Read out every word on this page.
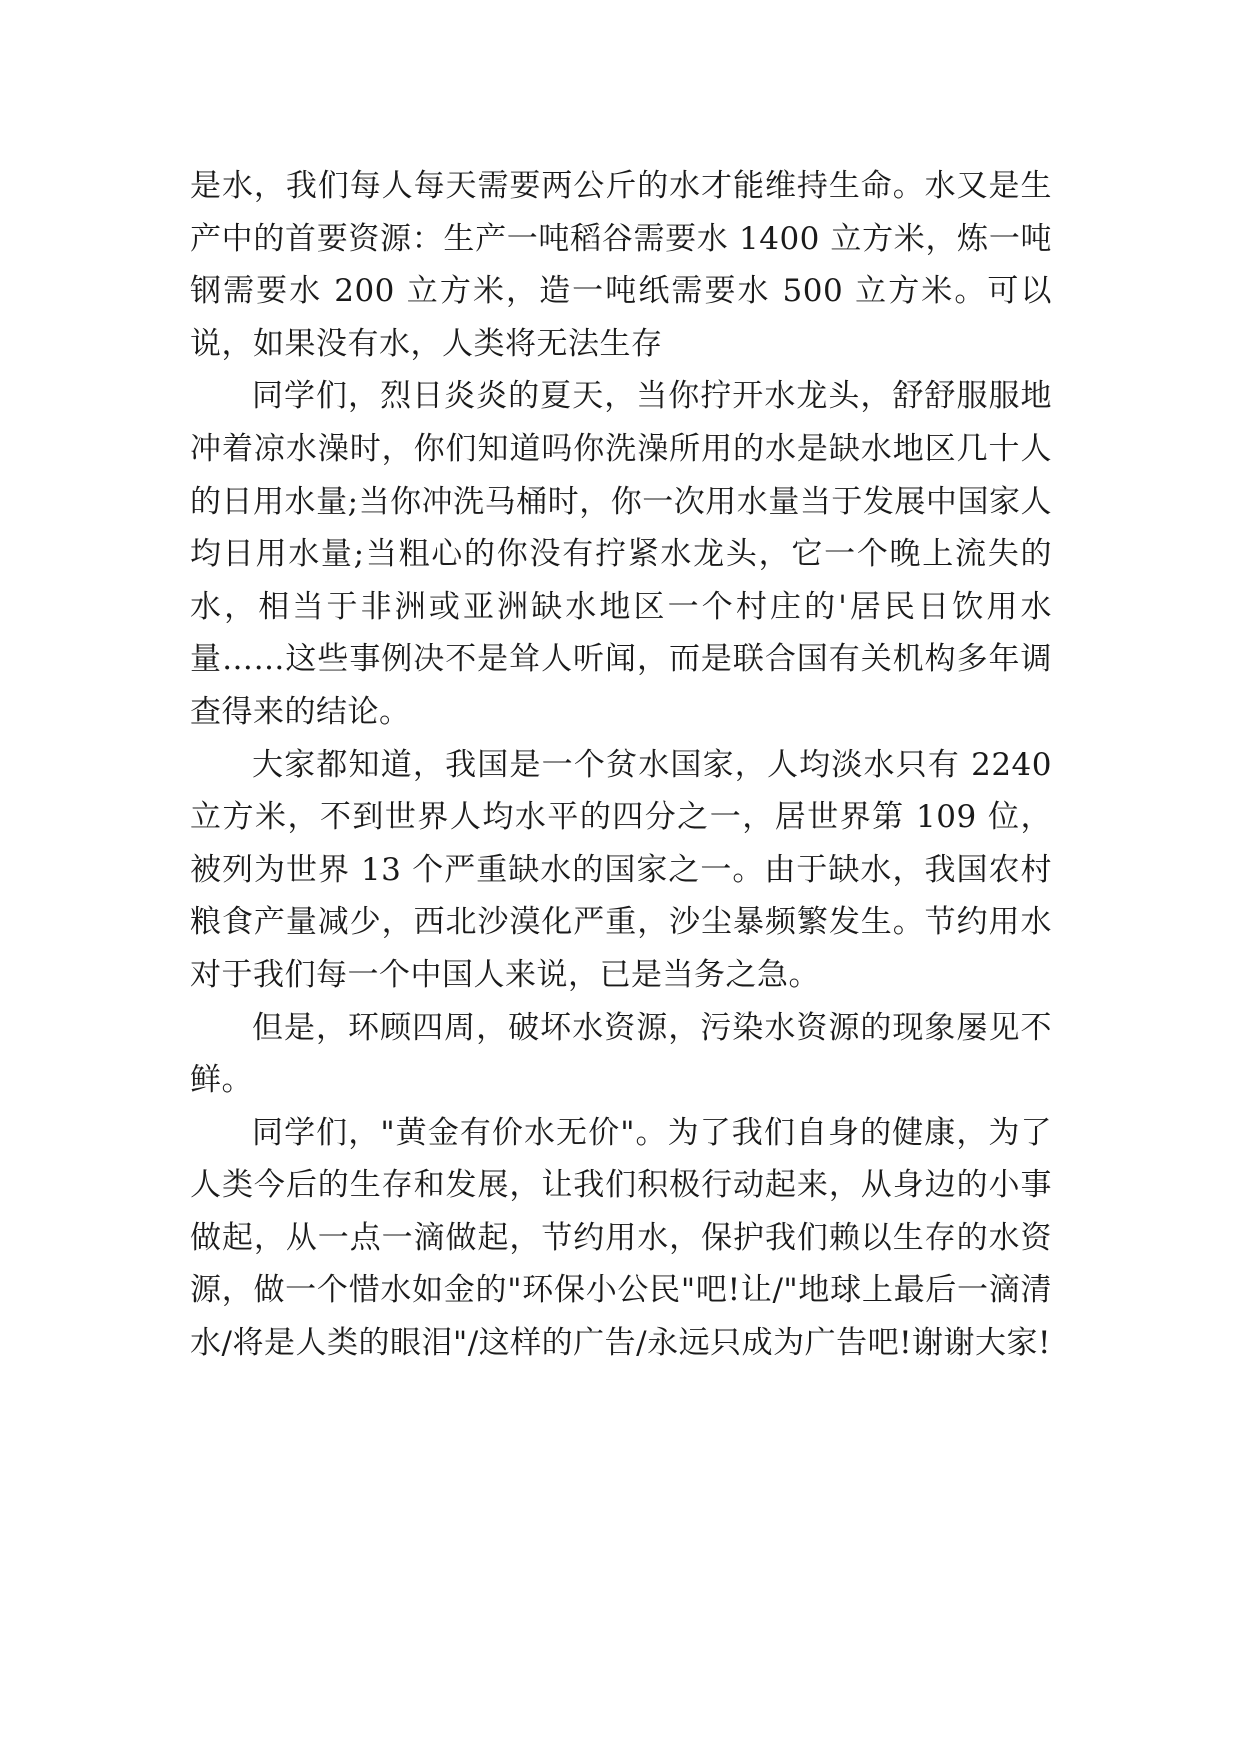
是水，我们每人每天需要两公斤的水才能维持生命。水又是生产中的首要资源：生产一吨稻谷需要水 1400 立方米，炼一吨钢需要水 200 立方米，造一吨纸需要水 500 立方米。可以说，如果没有水，人类将无法生存

同学们，烈日炎炎的夏天，当你拧开水龙头，舒舒服服地冲着凉水澡时，你们知道吗你洗澡所用的水是缺水地区几十人的日用水量;当你冲洗马桶时，你一次用水量当于发展中国家人均日用水量;当粗心的你没有拧紧水龙头，它一个晚上流失的水，相当于非洲或亚洲缺水地区一个村庄的'居民日饮用水量……这些事例决不是耸人听闻，而是联合国有关机构多年调查得来的结论。

大家都知道，我国是一个贫水国家，人均淡水只有 2240 立方米，不到世界人均水平的四分之一，居世界第 109 位，被列为世界 13 个严重缺水的国家之一。由于缺水，我国农村粮食产量减少，西北沙漠化严重，沙尘暴频繁发生。节约用水对于我们每一个中国人来说，已是当务之急。

但是，环顾四周，破坏水资源，污染水资源的现象屡见不鲜。

同学们，"黄金有价水无价"。为了我们自身的健康，为了人类今后的生存和发展，让我们积极行动起来，从身边的小事做起，从一点一滴做起，节约用水，保护我们赖以生存的水资源，做一个惜水如金的"环保小公民"吧!让/"地球上最后一滴清水/将是人类的眼泪"/这样的广告/永远只成为广告吧!谢谢大家!
